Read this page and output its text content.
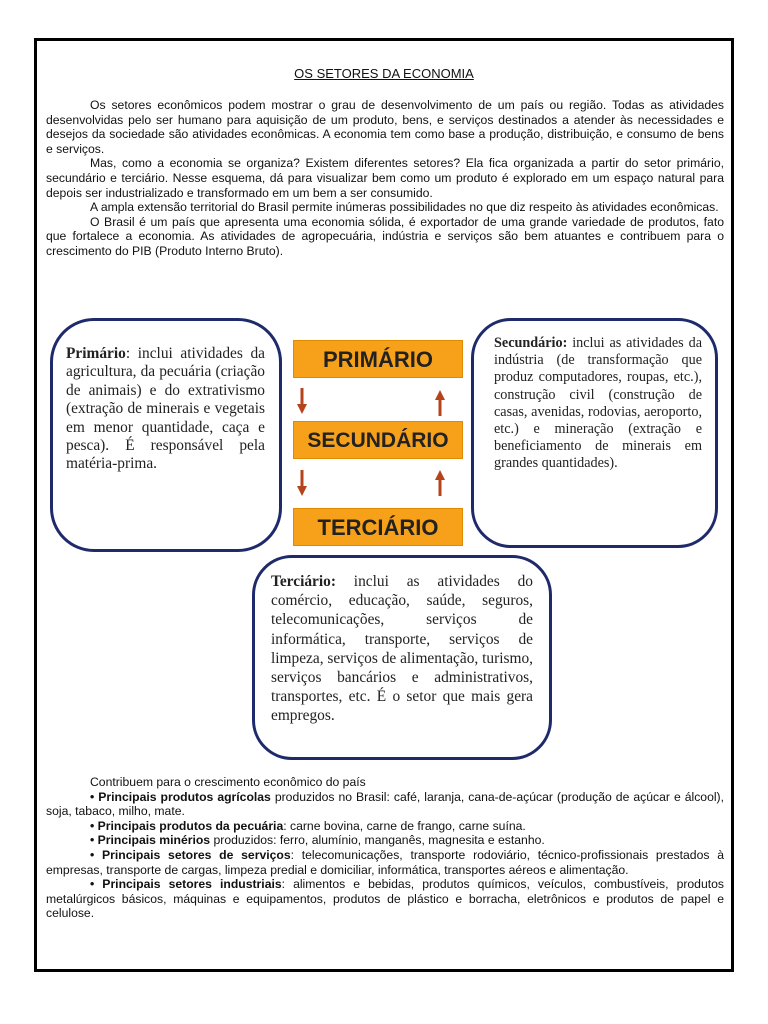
OS SETORES DA ECONOMIA

Os setores econômicos podem mostrar o grau de desenvolvimento de um país ou região. Todas as atividades desenvolvidas pelo ser humano para aquisição de um produto, bens, e serviços destinados a atender às necessidades e desejos da sociedade são atividades econômicas. A economia tem como base a produção, distribuição, e consumo de bens e serviços.

Mas, como a economia se organiza? Existem diferentes setores? Ela fica organizada a partir do setor primário, secundário e terciário. Nesse esquema, dá para visualizar bem como um produto é explorado em um espaço natural para depois ser industrializado e transformado em um bem a ser consumido.

A ampla extensão territorial do Brasil permite inúmeras possibilidades no que diz respeito às atividades econômicas.

O Brasil é um país que apresenta uma economia sólida, é exportador de uma grande variedade de produtos, fato que fortalece a economia. As atividades de agropecuária, indústria e serviços são bem atuantes e contribuem para o crescimento do PIB (Produto Interno Bruto).

Primário: inclui atividades da agricultura, da pecuária (criação de animais) e do extrativismo (extração de minerais e vegetais em menor quantidade, caça e pesca). É responsável pela matéria-prima.
Secundário: inclui as atividades da indústria (de transformação que produz computadores, roupas, etc.), construção civil (construção de casas, avenidas, rodovias, aeroporto, etc.) e mineração (extração e beneficiamento de minerais em grandes quantidades).
PRIMÁRIO
SECUNDÁRIO
TERCIÁRIO
Terciário: inclui as atividades do comércio, educação, saúde, seguros, telecomunicações, serviços de informática, transporte, serviços de limpeza, serviços de alimentação, turismo, serviços bancários e administrativos, transportes, etc. É o setor que mais gera empregos.

Contribuem para o crescimento econômico do país

• Principais produtos agrícolas produzidos no Brasil: café, laranja, cana-de-açúcar (produção de açúcar e álcool), soja, tabaco, milho, mate.

• Principais produtos da pecuária: carne bovina, carne de frango, carne suína.

• Principais minérios produzidos: ferro, alumínio, manganês, magnesita e estanho.

• Principais setores de serviços: telecomunicações, transporte rodoviário, técnico-profissionais prestados à empresas, transporte de cargas, limpeza predial e domiciliar, informática, transportes aéreos e alimentação.

• Principais setores industriais: alimentos e bebidas, produtos químicos, veículos, combustíveis, produtos metalúrgicos básicos, máquinas e equipamentos, produtos de plástico e borracha, eletrônicos e produtos de papel e celulose.
